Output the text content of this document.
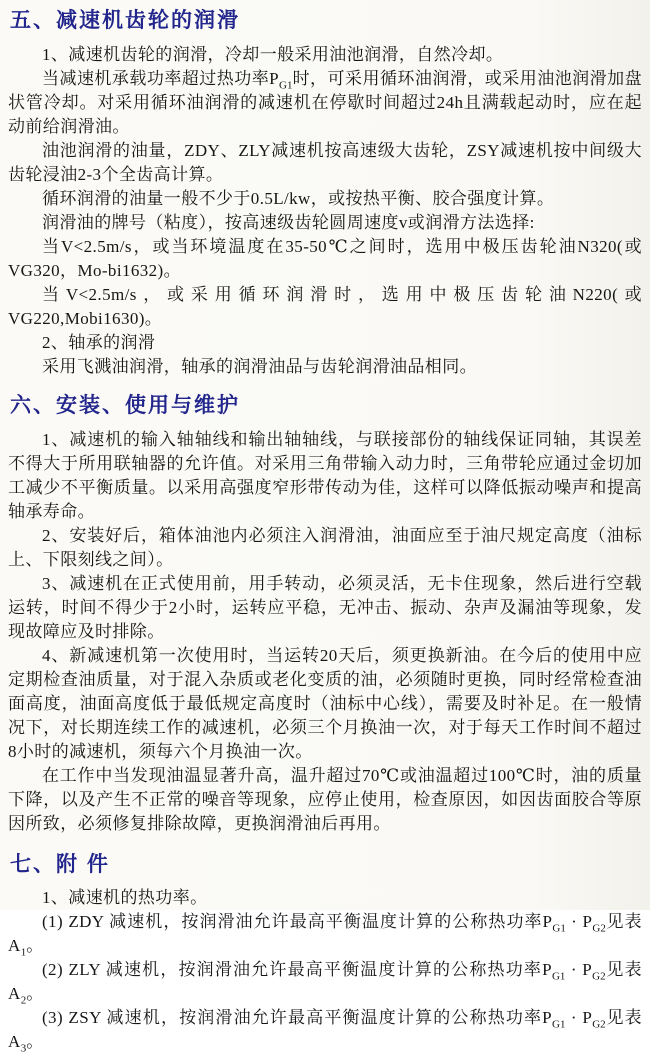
五、减速机齿轮的润滑

1、减速机齿轮的润滑，冷却一般采用油池润滑，自然冷却。

当减速机承载功率超过热功率$P_{G1}$时，可采用循环油润滑，或采用油池润滑加盘状管冷却。对采用循环油润滑的减速机在停歇时间超过24h且满载起动时，应在起动前给润滑油。

油池润滑的油量，ZDY、ZLY减速机按高速级大齿轮，ZSY减速机按中间级大齿轮浸油2-3个全齿高计算。

循环润滑的油量一般不少于0.5L/kw，或按热平衡、胶合强度计算。

润滑油的牌号（粘度），按高速级齿轮圆周速度v或润滑方法选择:

当V<2.5m/s，或当环境温度在35-50℃之间时，选用中极压齿轮油N320(或VG320，Mo-bi1632)。

当V<2.5m/s，或采用循环润滑时，选用中极压齿轮油N220(或VG220,Mobi1630)。

2、轴承的润滑

采用飞溅油润滑，轴承的润滑油品与齿轮润滑油品相同。

六、安装、使用与维护

1、减速机的输入轴轴线和输出轴轴线，与联接部份的轴线保证同轴，其误差不得大于所用联轴器的允许值。对采用三角带输入动力时，三角带轮应通过金切加工减少不平衡质量。以采用高强度窄形带传动为佳，这样可以降低振动噪声和提高轴承寿命。

2、安装好后，箱体油池内必须注入润滑油，油面应至于油尺规定高度（油标上、下限刻线之间）。

3、减速机在正式使用前，用手转动，必须灵活，无卡住现象，然后进行空载运转，时间不得少于2小时，运转应平稳，无冲击、振动、杂声及漏油等现象，发现故障应及时排除。

4、新减速机第一次使用时，当运转20天后，须更换新油。在今后的使用中应定期检查油质量，对于混入杂质或老化变质的油，必须随时更换，同时经常检查油面高度，油面高度低于最低规定高度时（油标中心线），需要及时补足。在一般情况下，对长期连续工作的减速机，必须三个月换油一次，对于每天工作时间不超过8小时的减速机，须每六个月换油一次。

在工作中当发现油温显著升高，温升超过70℃或油温超过100℃时，油的质量下降，以及产生不正常的噪音等现象，应停止使用，检查原因，如因齿面胶合等原因所致，必须修复排除故障，更换润滑油后再用。

七、附 件

1、减速机的热功率。

(1) ZDY 减速机，按润滑油允许最高平衡温度计算的公称热功率$P_{G1} \cdot P_{G2}$见表$A_1$。

(2) ZLY 减速机，按润滑油允许最高平衡温度计算的公称热功率$P_{G1} \cdot P_{G2}$见表$A_2$。

(3) ZSY 减速机，按润滑油允许最高平衡温度计算的公称热功率$P_{G1} \cdot P_{G2}$见表$A_3$。
